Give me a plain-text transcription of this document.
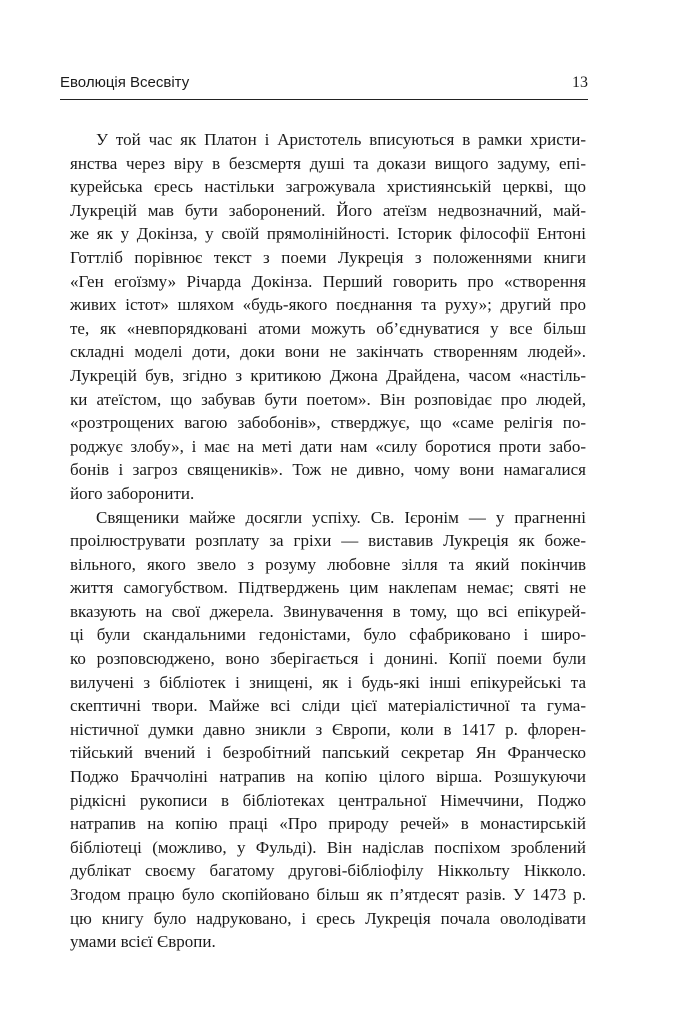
Еволюція Всесвіту	13
У той час як Платон і Аристотель вписуються в рамки христи-
янства через віру в безсмертя душі та докази вищого задуму, епі-
курейська єресь настільки загрожувала християнській церкві, що
Лукрецій мав бути заборонений. Його атеїзм недвозначний, май-
же як у Докінза, у своїй прямолінійності. Історик філософії Ентоні
Готтліб порівнює текст з поеми Лукреція з положеннями книги
«Ген егоїзму» Річарда Докінза. Перший говорить про «створення
живих істот» шляхом «будь-якого поєднання та руху»; другий про
те, як «невпорядковані атоми можуть об’єднуватися у все більш
складні моделі доти, доки вони не закінчать створенням людей».
Лукрецій був, згідно з критикою Джона Драйдена, часом «настіль-
ки атеїстом, що забував бути поетом». Він розповідає про людей,
«розтрощених вагою забобонів», стверджує, що «саме релігія по-
роджує злобу», і має на меті дати нам «силу боротися проти забо-
бонів і загроз священиків». Тож не дивно, чому вони намагалися
його заборонити.
Священики майже досягли успіху. Св. Ієронім — у прагненні
проілюструвати розплату за гріхи — виставив Лукреція як боже-
вільного, якого звело з розуму любовне зілля та який покінчив
життя самогубством. Підтверджень цим наклепам немає; святі не
вказують на свої джерела. Звинувачення в тому, що всі епікурей-
ці були скандальними гедоністами, було сфабриковано і широ-
ко розповсюджено, воно зберігається і донині. Копії поеми були
вилучені з бібліотек і знищені, як і будь-які інші епікурейські та
скептичні твори. Майже всі сліди цієї матеріалістичної та гума-
ністичної думки давно зникли з Європи, коли в 1417 р. флорен-
тійський вчений і безробітний папський секретар Ян Франческо
Поджо Браччоліні натрапив на копію цілого вірша. Розшукуючи
рідкісні рукописи в бібліотеках центральної Німеччини, Поджо
натрапив на копію праці «Про природу речей» в монастирській
бібліотеці (можливо, у Фульді). Він надіслав поспіхом зроблений
дублікат своєму багатому другові-бібліофілу Ніккольту Нікколо.
Згодом працю було скопійовано більш як п’ятдесят разів. У 1473 р.
цю книгу було надруковано, і єресь Лукреція почала оволодівати
умами всієї Європи.
